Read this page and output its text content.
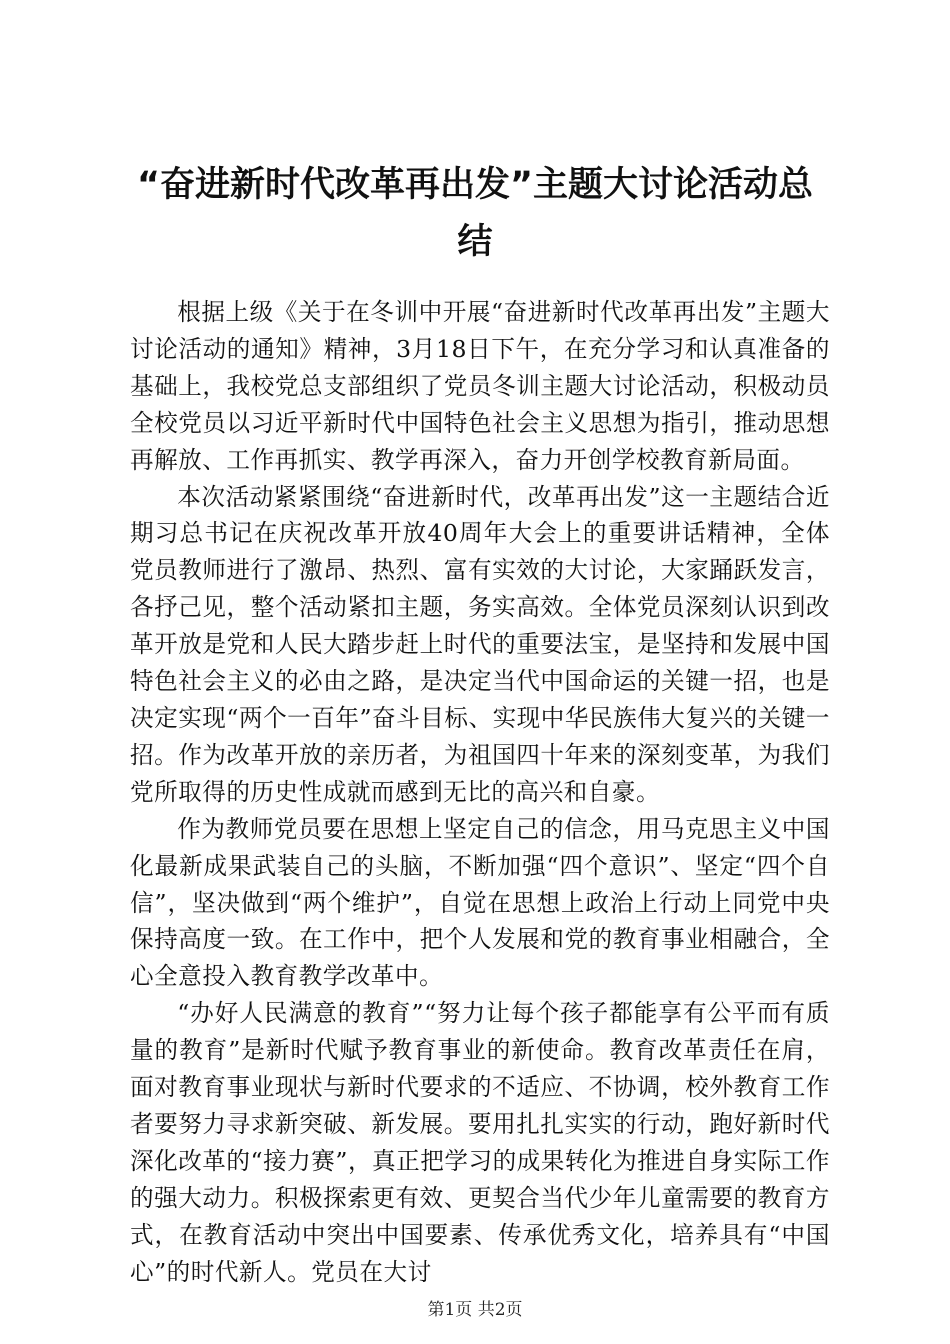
“奋进新时代改革再出发”主题大讨论活动总
结

根据上级《关于在冬训中开展“奋进新时代改革再出发”主题大讨论活动的通知》精神，3月18日下午，在充分学习和认真准备的基础上，我校党总支部组织了党员冬训主题大讨论活动，积极动员全校党员以习近平新时代中国特色社会主义思想为指引，推动思想再解放、工作再抓实、教学再深入，奋力开创学校教育新局面。

本次活动紧紧围绕“奋进新时代，改革再出发”这一主题结合近期习总书记在庆祝改革开放40周年大会上的重要讲话精神，全体党员教师进行了激昂、热烈、富有实效的大讨论，大家踊跃发言，各抒己见，整个活动紧扣主题，务实高效。全体党员深刻认识到改革开放是党和人民大踏步赶上时代的重要法宝，是坚持和发展中国特色社会主义的必由之路，是决定当代中国命运的关键一招，也是决定实现“两个一百年”奋斗目标、实现中华民族伟大复兴的关键一招。作为改革开放的亲历者，为祖国四十年来的深刻变革，为我们党所取得的历史性成就而感到无比的高兴和自豪。

作为教师党员要在思想上坚定自己的信念，用马克思主义中国化最新成果武装自己的头脑，不断加强“四个意识”、坚定“四个自信”，坚决做到“两个维护”，自觉在思想上政治上行动上同党中央保持高度一致。在工作中，把个人发展和党的教育事业相融合，全心全意投入教育教学改革中。

“办好人民满意的教育”“努力让每个孩子都能享有公平而有质量的教育”是新时代赋予教育事业的新使命。教育改革责任在肩，面对教育事业现状与新时代要求的不适应、不协调，校外教育工作者要努力寻求新突破、新发展。要用扎扎实实的行动，跑好新时代深化改革的“接力赛”，真正把学习的成果转化为推进自身实际工作的强大动力。积极探索更有效、更契合当代少年儿童需要的教育方式，在教育活动中突出中国要素、传承优秀文化，培养具有“中国心”的时代新人。党员在大讨

第1页 共2页
